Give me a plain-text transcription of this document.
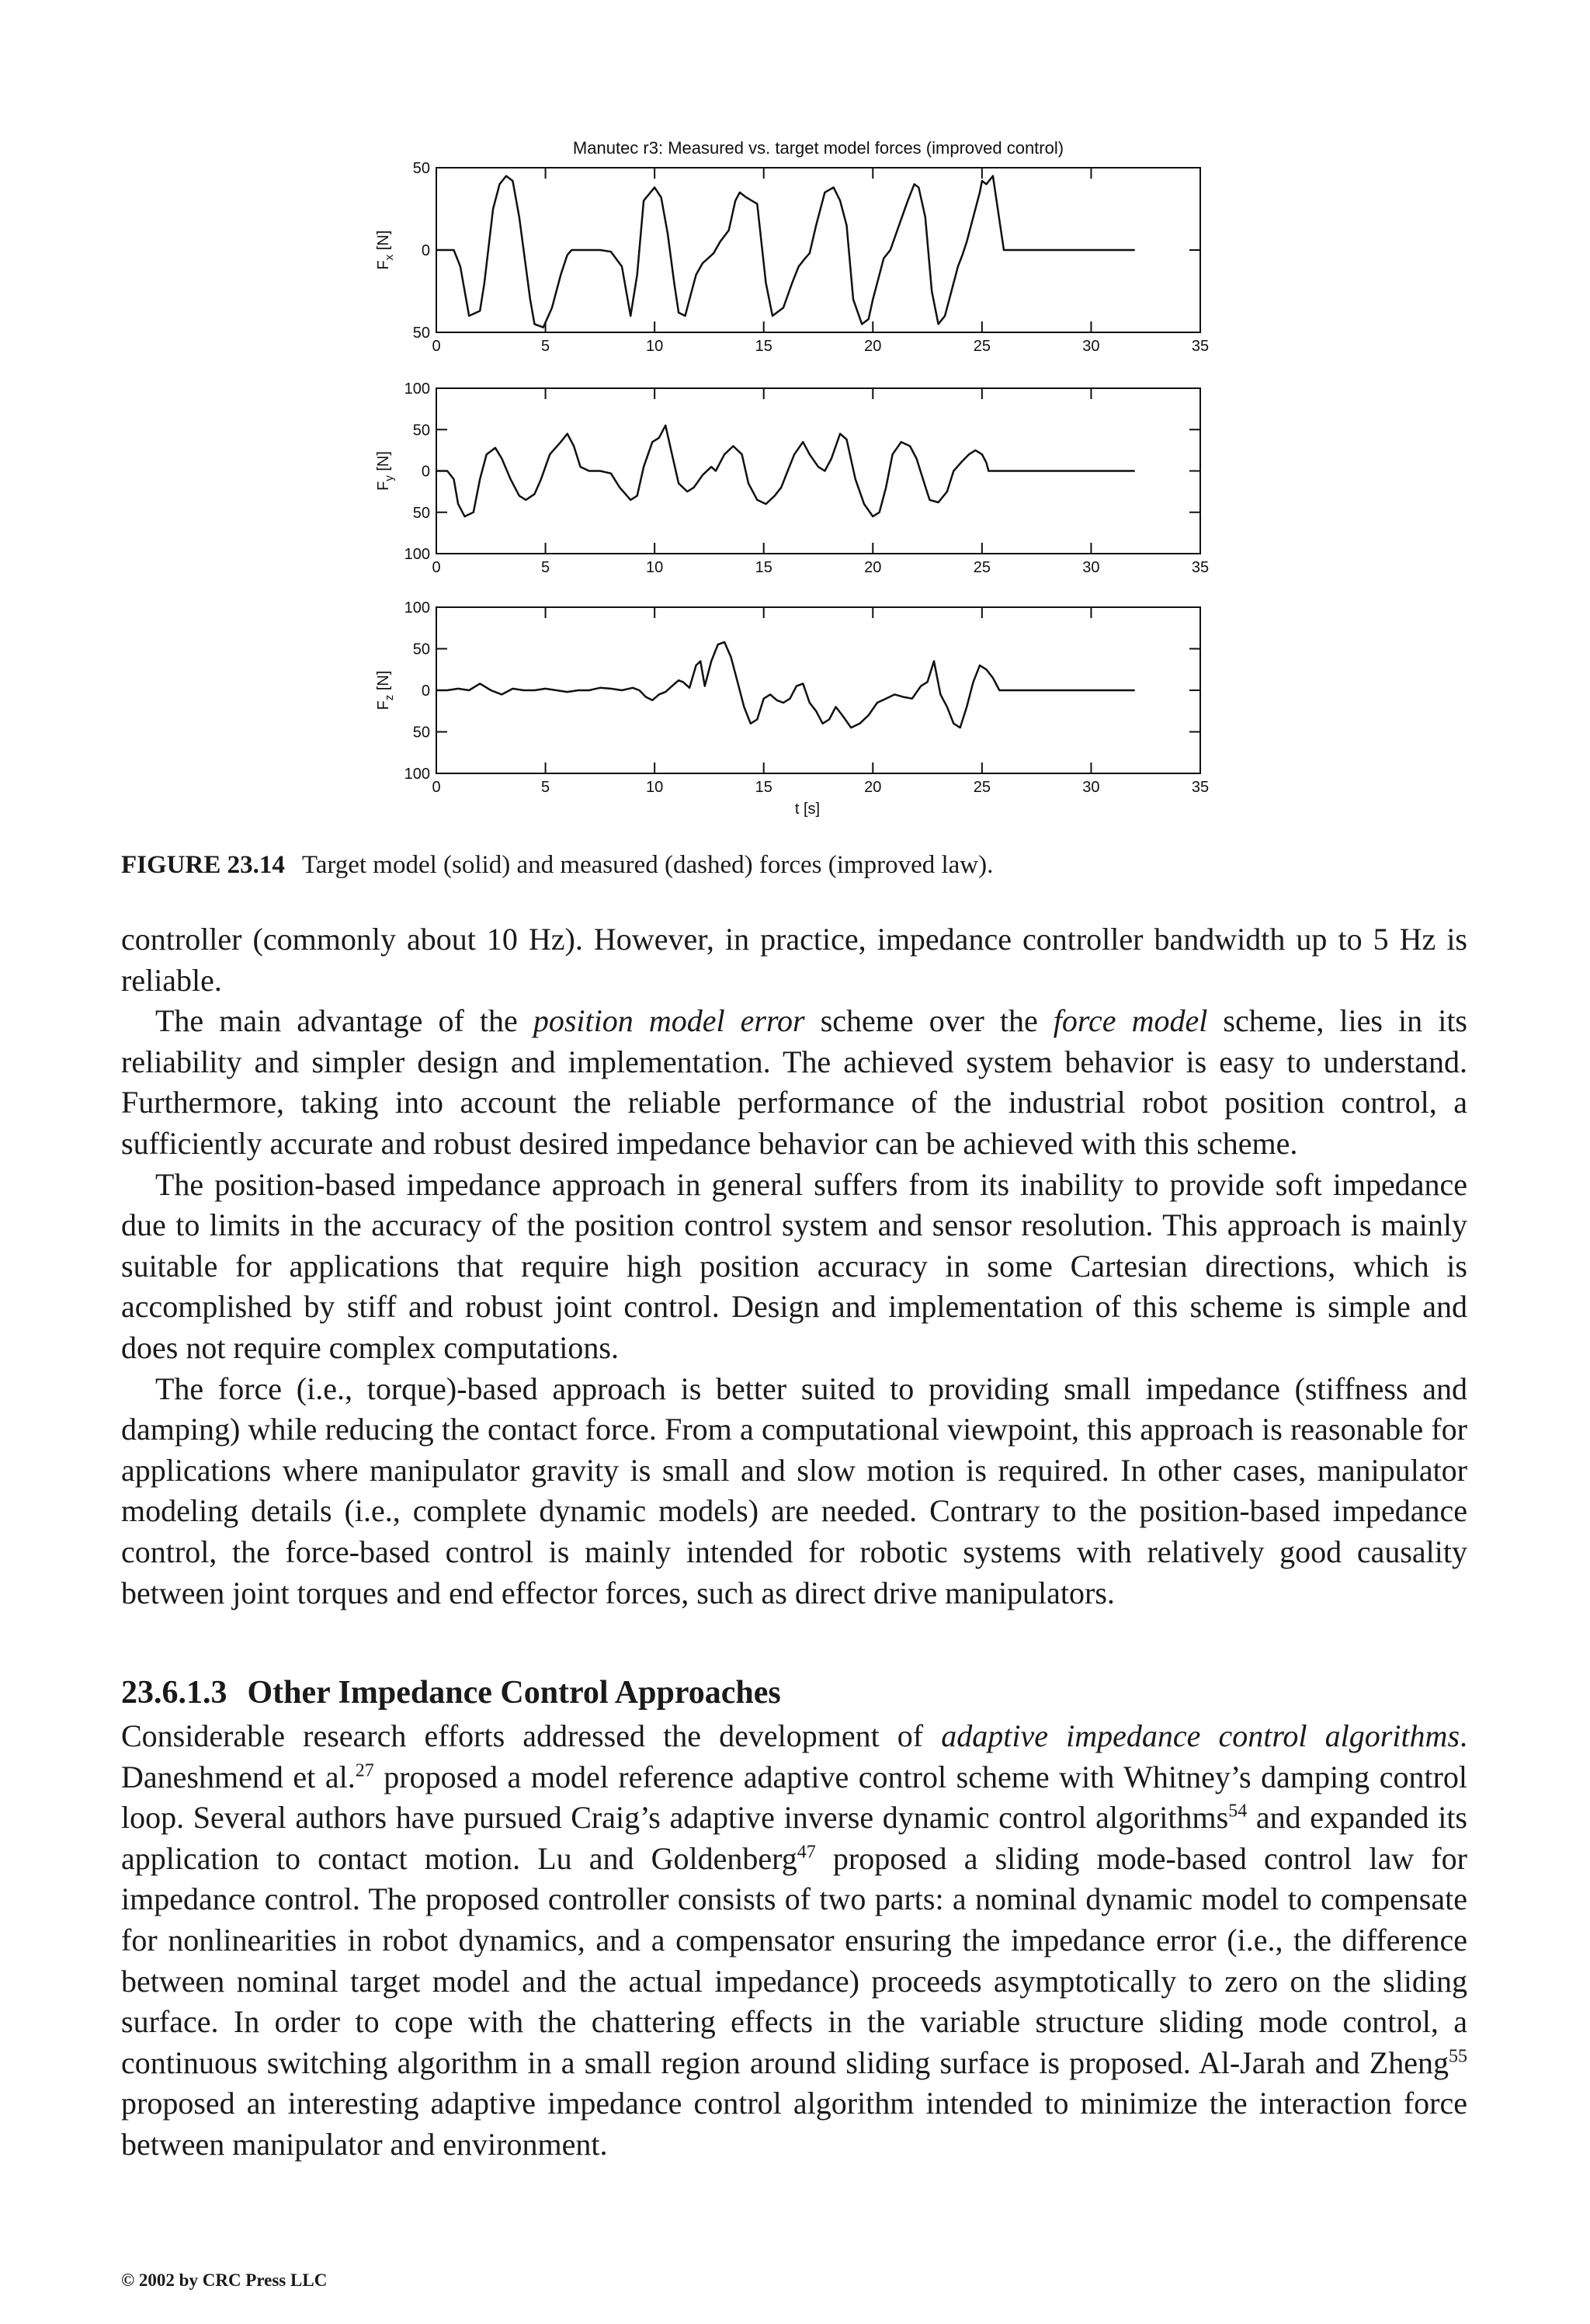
Manutec r3: Measured vs. target model forces (improved control)
50
0
50
0	5	10	15	20	25	30	35
$F_x$ [N]
100
50
0
50
100
0	5	10	15	20	25	30	35
$F_y$ [N]
100
50
0
50
100
0	5	10	15	20	25	30	35
$F_z$ [N]
t [s]
FIGURE 23.14 Target model (solid) and measured (dashed) forces (improved law).

controller (commonly about 10 Hz). However, in practice, impedance controller bandwidth up to 5 Hz is reliable.

The main advantage of the position model error scheme over the force model scheme, lies in its reliability and simpler design and implementation. The achieved system behavior is easy to understand. Furthermore, taking into account the reliable performance of the industrial robot position control, a sufficiently accurate and robust desired impedance behavior can be achieved with this scheme.

The position-based impedance approach in general suffers from its inability to provide soft impedance due to limits in the accuracy of the position control system and sensor resolution. This approach is mainly suitable for applications that require high position accuracy in some Cartesian directions, which is accomplished by stiff and robust joint control. Design and implementation of this scheme is simple and does not require complex computations.

The force (i.e., torque)-based approach is better suited to providing small impedance (stiffness and damping) while reducing the contact force. From a computational viewpoint, this approach is reasonable for applications where manipulator gravity is small and slow motion is required. In other cases, manipulator modeling details (i.e., complete dynamic models) are needed. Contrary to the position-based impedance control, the force-based control is mainly intended for robotic systems with relatively good causality between joint torques and end effector forces, such as direct drive manipulators.

23.6.1.3 Other Impedance Control Approaches

Considerable research efforts addressed the development of adaptive impedance control algorithms. Daneshmend et al.$^{27}$ proposed a model reference adaptive control scheme with Whitney’s damping control loop. Several authors have pursued Craig’s adaptive inverse dynamic control algorithms$^{54}$ and expanded its application to contact motion. Lu and Goldenberg$^{47}$ proposed a sliding mode-based control law for impedance control. The proposed controller consists of two parts: a nominal dynamic model to compensate for nonlinearities in robot dynamics, and a compensator ensuring the impedance error (i.e., the difference between nominal target model and the actual impedance) proceeds asymptotically to zero on the sliding surface. In order to cope with the chattering effects in the variable structure sliding mode control, a continuous switching algorithm in a small region around sliding surface is proposed. Al-Jarah and Zheng$^{55}$ proposed an interesting adaptive impedance control algorithm intended to minimize the interaction force between manipulator and environment.

© 2002 by CRC Press LLC
